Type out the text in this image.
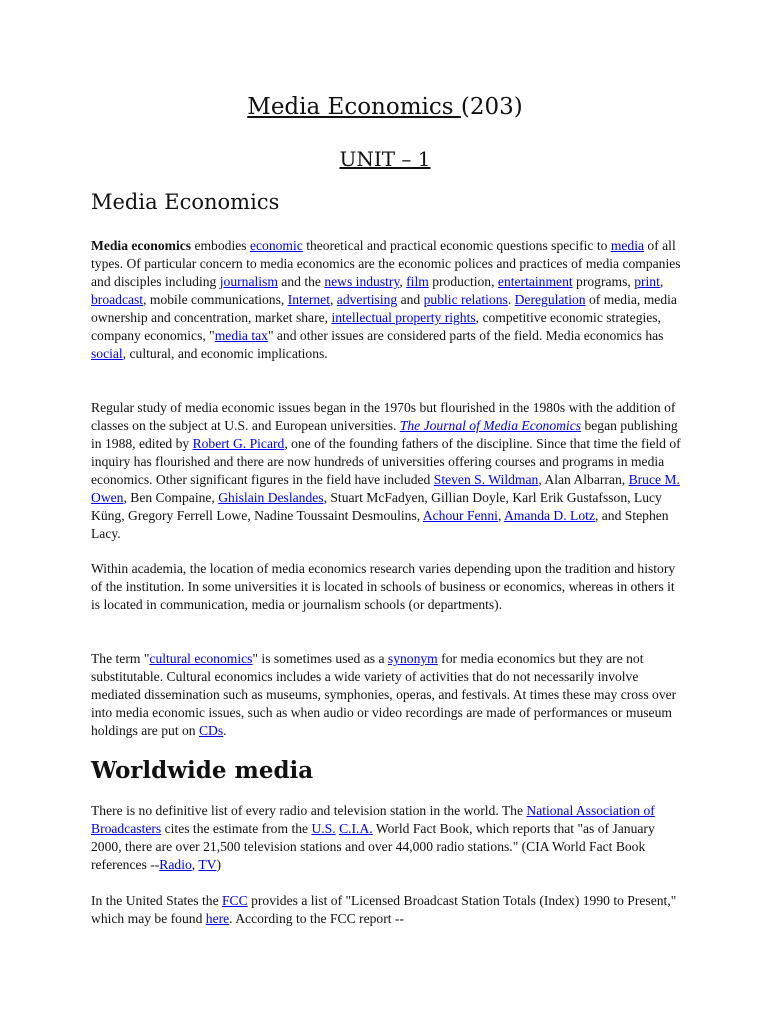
Media Economics (203)
UNIT – 1
Media Economics

Media economics embodies economic theoretical and practical economic questions specific to media of all types. Of particular concern to media economics are the economic polices and practices of media companies and disciples including journalism and the news industry, film production, entertainment programs, print, broadcast, mobile communications, Internet, advertising and public relations. Deregulation of media, media ownership and concentration, market share, intellectual property rights, competitive economic strategies, company economics, "media tax" and other issues are considered parts of the field. Media economics has social, cultural, and economic implications.

Regular study of media economic issues began in the 1970s but flourished in the 1980s with the addition of classes on the subject at U.S. and European universities. The Journal of Media Economics began publishing in 1988, edited by Robert G. Picard, one of the founding fathers of the discipline. Since that time the field of inquiry has flourished and there are now hundreds of universities offering courses and programs in media economics. Other significant figures in the field have included Steven S. Wildman, Alan Albarran, Bruce M. Owen, Ben Compaine, Ghislain Deslandes, Stuart McFadyen, Gillian Doyle, Karl Erik Gustafsson, Lucy Küng, Gregory Ferrell Lowe, Nadine Toussaint Desmoulins, Achour Fenni, Amanda D. Lotz, and Stephen Lacy.

Within academia, the location of media economics research varies depending upon the tradition and history of the institution. In some universities it is located in schools of business or economics, whereas in others it is located in communication, media or journalism schools (or departments).

The term "cultural economics" is sometimes used as a synonym for media economics but they are not substitutable. Cultural economics includes a wide variety of activities that do not necessarily involve mediated dissemination such as museums, symphonies, operas, and festivals. At times these may cross over into media economic issues, such as when audio or video recordings are made of performances or museum holdings are put on CDs.

Worldwide media

There is no definitive list of every radio and television station in the world. The National Association of Broadcasters cites the estimate from the U.S. C.I.A. World Fact Book, which reports that "as of January 2000, there are over 21,500 television stations and over 44,000 radio stations." (CIA World Fact Book references --Radio, TV)

In the United States the FCC provides a list of "Licensed Broadcast Station Totals (Index) 1990 to Present," which may be found here. According to the FCC report --
